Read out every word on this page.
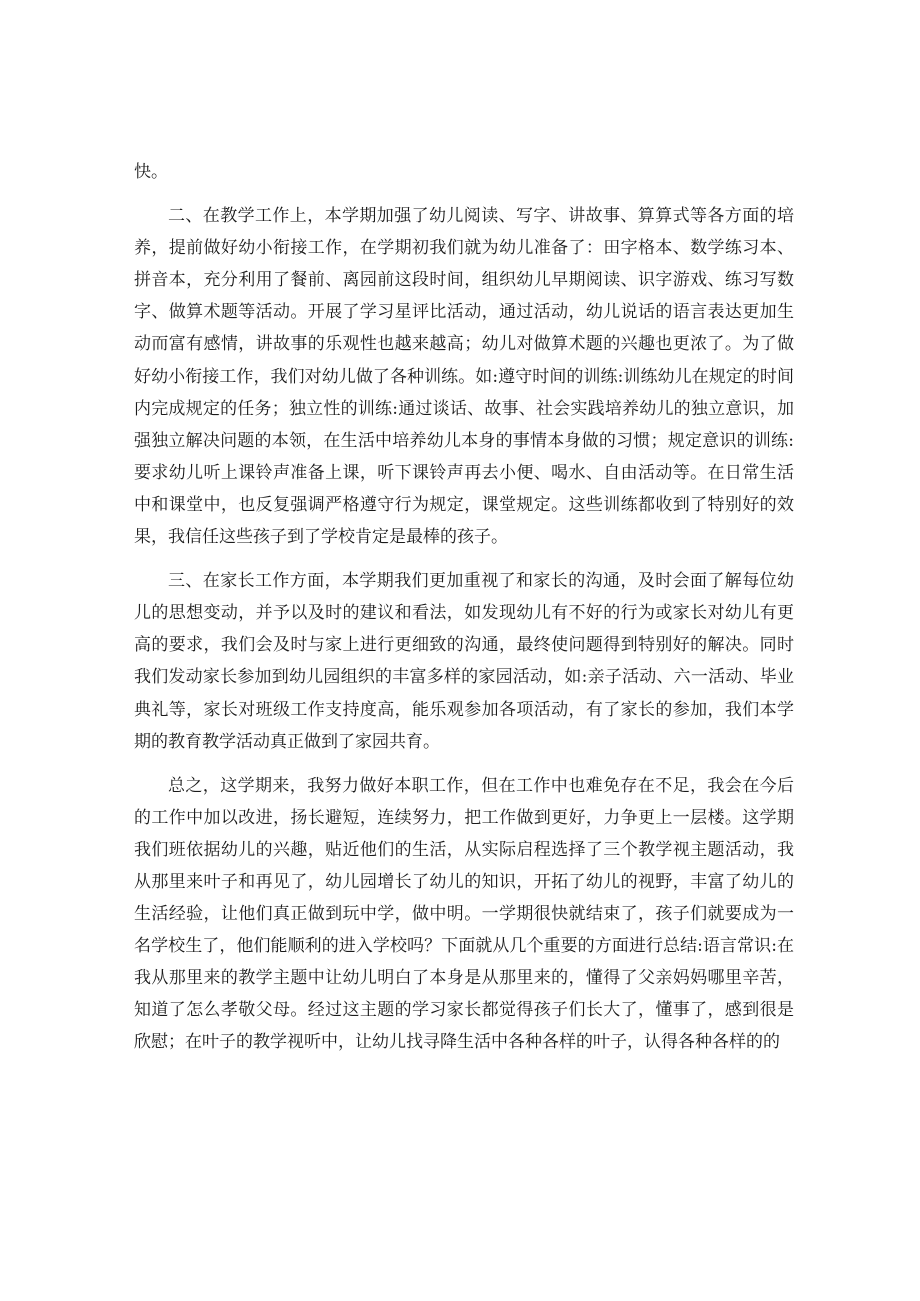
快。

二、在教学工作上，本学期加强了幼儿阅读、写字、讲故事、算算式等各方面的培养，提前做好幼小衔接工作，在学期初我们就为幼儿准备了：田字格本、数学练习本、拼音本，充分利用了餐前、离园前这段时间，组织幼儿早期阅读、识字游戏、练习写数字、做算术题等活动。开展了学习星评比活动，通过活动，幼儿说话的语言表达更加生动而富有感情，讲故事的乐观性也越来越高；幼儿对做算术题的兴趣也更浓了。为了做好幼小衔接工作，我们对幼儿做了各种训练。如:遵守时间的训练:训练幼儿在规定的时间内完成规定的任务；独立性的训练:通过谈话、故事、社会实践培养幼儿的独立意识，加强独立解决问题的本领，在生活中培养幼儿本身的事情本身做的习惯；规定意识的训练:要求幼儿听上课铃声准备上课，听下课铃声再去小便、喝水、自由活动等。在日常生活中和课堂中，也反复强调严格遵守行为规定，课堂规定。这些训练都收到了特别好的效果，我信任这些孩子到了学校肯定是最棒的孩子。

三、在家长工作方面，本学期我们更加重视了和家长的沟通，及时会面了解每位幼儿的思想变动，并予以及时的建议和看法，如发现幼儿有不好的行为或家长对幼儿有更高的要求，我们会及时与家上进行更细致的沟通，最终使问题得到特别好的解决。同时我们发动家长参加到幼儿园组织的丰富多样的家园活动，如:亲子活动、六一活动、毕业典礼等，家长对班级工作支持度高，能乐观参加各项活动，有了家长的参加，我们本学期的教育教学活动真正做到了家园共育。

总之，这学期来，我努力做好本职工作，但在工作中也难免存在不足，我会在今后的工作中加以改进，扬长避短，连续努力，把工作做到更好，力争更上一层楼。这学期我们班依据幼儿的兴趣，贴近他们的生活，从实际启程选择了三个教学视主题活动，我从那里来叶子和再见了，幼儿园增长了幼儿的知识，开拓了幼儿的视野，丰富了幼儿的生活经验，让他们真正做到玩中学，做中明。一学期很快就结束了，孩子们就要成为一名学校生了，他们能顺利的进入学校吗？下面就从几个重要的方面进行总结:语言常识:在我从那里来的教学主题中让幼儿明白了本身是从那里来的，懂得了父亲妈妈哪里辛苦，知道了怎么孝敬父母。经过这主题的学习家长都觉得孩子们长大了，懂事了，感到很是欣慰；在叶子的教学视听中，让幼儿找寻降生活中各种各样的叶子，认得各种各样的的
